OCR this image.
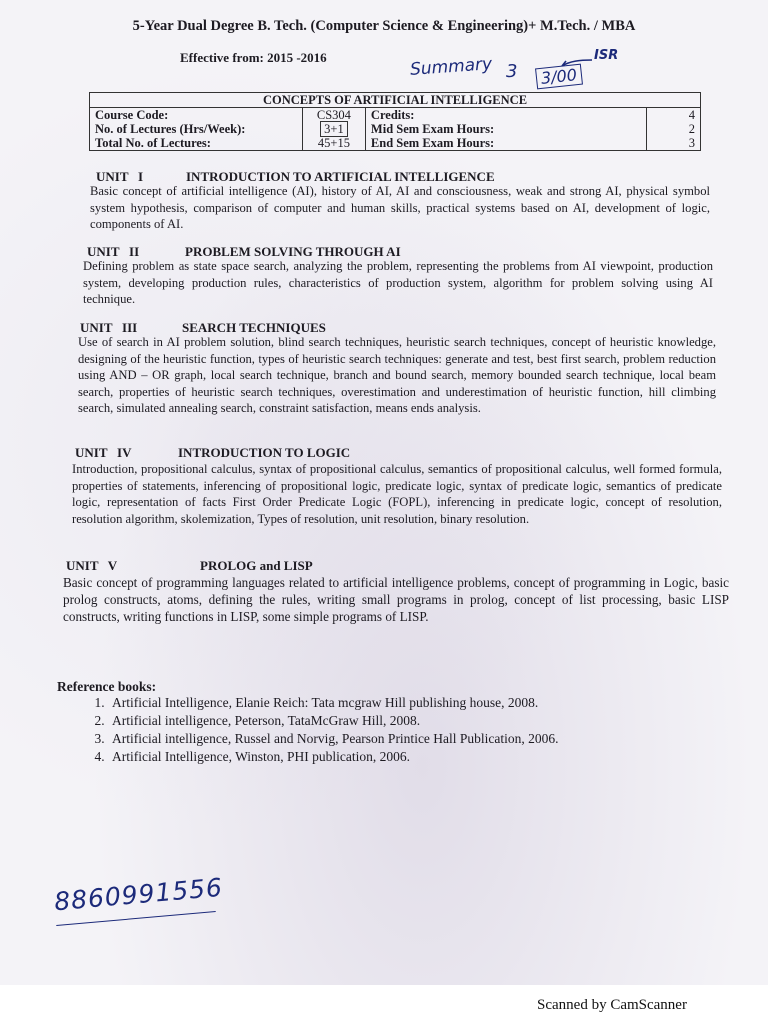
5-Year Dual Degree B. Tech. (Computer Science & Engineering)+ M.Tech. / MBA
Effective from: 2015 -2016	Summary 3	3/00
ISR
CONCEPTS OF ARTIFICIAL INTELLIGENCE			
Course Code:	CS304	Credits:	4
No. of Lectures (Hrs/Week):	3+1	Mid Sem Exam Hours:	2
Total No. of Lectures:	45+15	End Sem Exam Hours:	3
UNIT   I	INTRODUCTION TO ARTIFICIAL INTELLIGENCE
Basic concept of artificial intelligence (AI), history of AI, AI and consciousness, weak and strong AI, physical symbol system hypothesis, comparison of computer and human skills, practical systems based on AI, development of logic, components of AI.
UNIT   II	PROBLEM SOLVING THROUGH AI
Defining problem as state space search, analyzing the problem, representing the problems from AI viewpoint, production system, developing production rules, characteristics of production system, algorithm for problem solving using AI technique.
UNIT   III	SEARCH TECHNIQUES
Use of search in AI problem solution, blind search techniques, heuristic search techniques, concept of heuristic knowledge, designing of the heuristic function, types of heuristic search techniques: generate and test, best first search, problem reduction using AND – OR graph, local search technique, branch and bound search, memory bounded search technique, local beam search, properties of heuristic search techniques, overestimation and underestimation of heuristic function, hill climbing search, simulated annealing search, constraint satisfaction, means ends analysis.
UNIT   IV	INTRODUCTION TO LOGIC
Introduction, propositional calculus, syntax of propositional calculus, semantics of propositional calculus, well formed formula, properties of statements, inferencing of propositional logic, predicate logic, syntax of predicate logic, semantics of predicate logic, representation of facts First Order Predicate Logic (FOPL), inferencing in predicate logic, concept of resolution, resolution algorithm, skolemization, Types of resolution, unit resolution, binary resolution.
UNIT   V	PROLOG and LISP
Basic concept of programming languages related to artificial intelligence problems, concept of programming in Logic, basic prolog constructs, atoms, defining the rules, writing small programs in prolog, concept of list processing, basic LISP constructs, writing functions in LISP, some simple programs of LISP.
Reference books:
1. Artificial Intelligence, Elanie Reich: Tata mcgraw Hill publishing house, 2008.
2. Artificial intelligence, Peterson, TataMcGraw Hill, 2008.
3. Artificial intelligence, Russel and Norvig, Pearson Printice Hall Publication, 2006.
4. Artificial Intelligence, Winston, PHI publication, 2006.
8860991556
Scanned by CamScanner
